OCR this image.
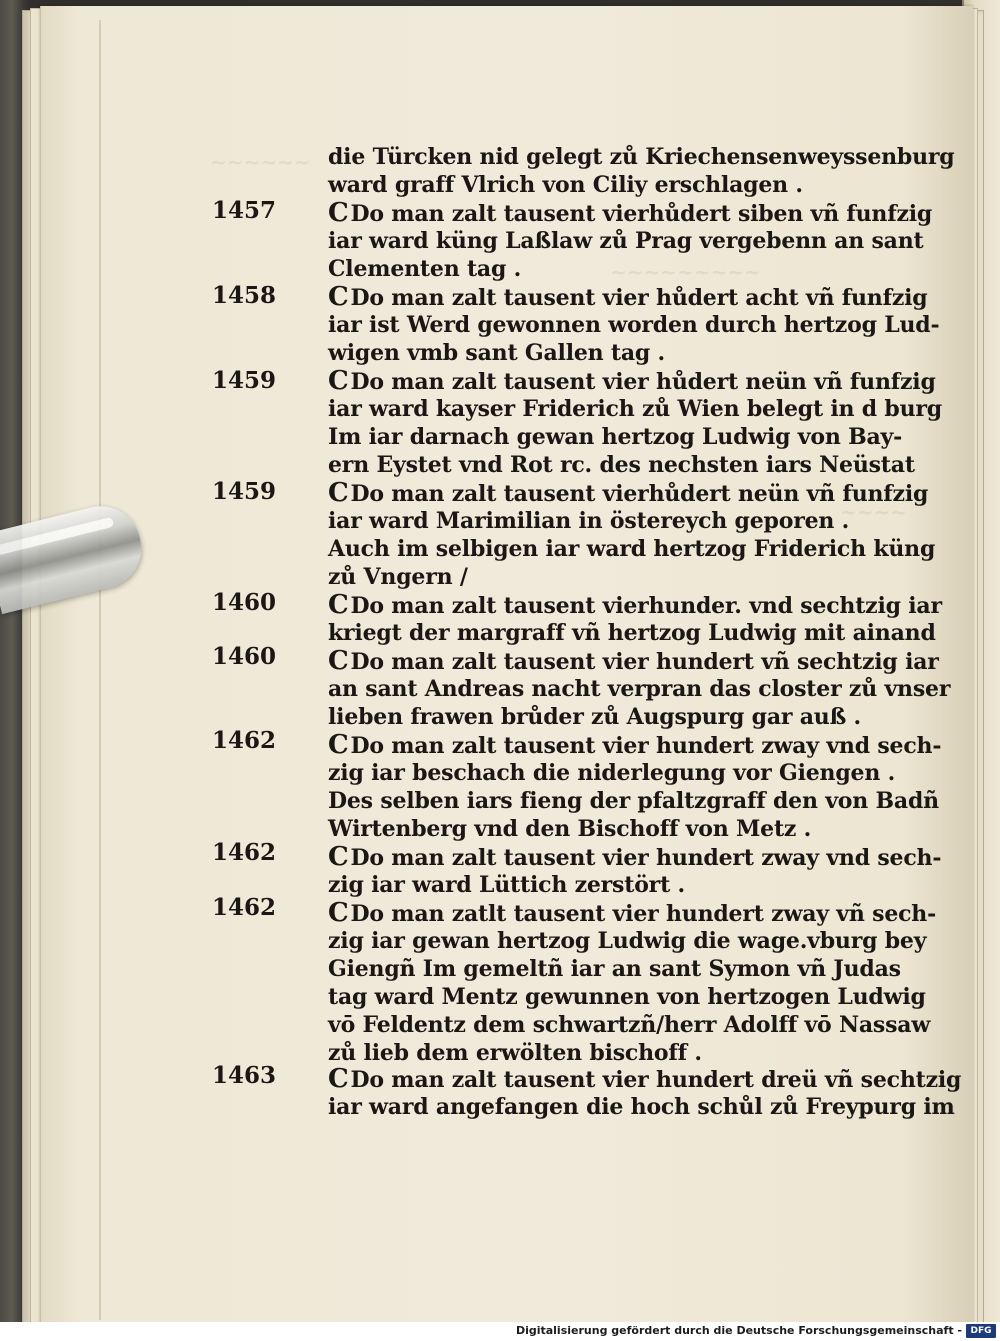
~~~~~~
~~~~~~~~~
~~~~
1457
1458
1459
1459
1460
1460
1462
1462
1462
1463
die Türcken nid gelegt zů Kriechensenweyssenburg
ward graff Vlrich von Ciliy erschlagen .
CDo man zalt tausent vierhůdert siben vñ funfzig
iar ward küng Laßlaw zů Prag vergebenn an sant
Clementen tag .
CDo man zalt tausent vier hůdert acht vñ funfzig
iar ist Werd gewonnen worden durch hertzog Lud-
wigen vmb sant Gallen tag .
CDo man zalt tausent vier hůdert neün vñ funfzig
iar ward kayser Friderich zů Wien belegt in d burg
Im iar darnach gewan hertzog Ludwig von Bay-
ern Eystet vnd Rot rc. des nechsten iars Neüstat
CDo man zalt tausent vierhůdert neün vñ funfzig
iar ward Marimilian in östereych geporen .
Auch im selbigen iar ward hertzog Friderich küng
zů Vngern /
CDo man zalt tausent vierhunder. vnd sechtzig iar
kriegt der margraff vñ hertzog Ludwig mit ainand
CDo man zalt tausent vier hundert vñ sechtzig iar
an sant Andreas nacht verpran das closter zů vnser
lieben frawen brůder zů Augspurg gar auß .
CDo man zalt tausent vier hundert zway vnd sech-
zig iar beschach die niderlegung vor Giengen .
Des selben iars fieng der pfaltzgraff den von Badñ
Wirtenberg vnd den Bischoff von Metz .
CDo man zalt tausent vier hundert zway vnd sech-
zig iar ward Lüttich zerstört .
CDo man zatlt tausent vier hundert zway vñ sech-
zig iar gewan hertzog Ludwig die wage.vburg bey
Giengñ Im gemeltñ iar an sant Symon vñ Judas
tag ward Mentz gewunnen von hertzogen Ludwig
vō Feldentz dem schwartzñ/herr Adolff vō Nassaw
zů lieb dem erwölten bischoff .
CDo man zalt tausent vier hundert dreü vñ sechtzig
iar ward angefangen die hoch schůl zů Freypurg im
Digitalisierung gefördert durch die Deutsche Forschungsgemeinschaft - DFG
